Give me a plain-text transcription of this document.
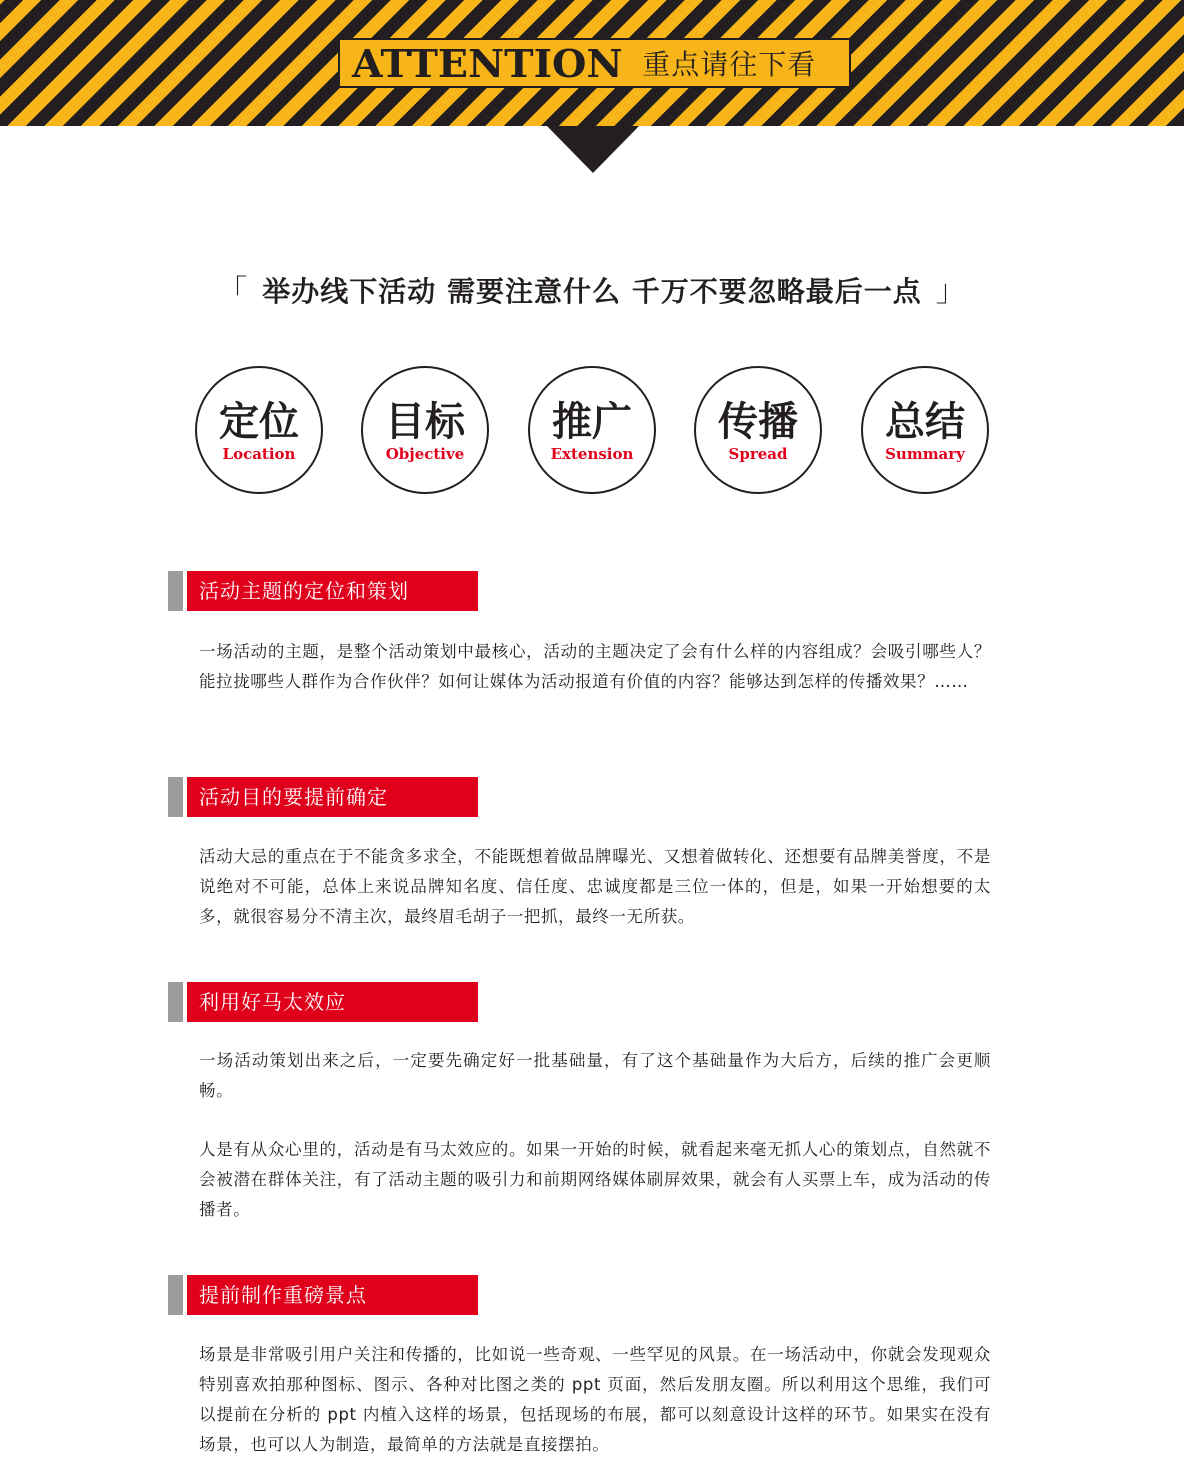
ATTENTION 重点请往下看
「 举办线下活动 需要注意什么 千万不要忽略最后一点 」
定位
Location
目标
Objective
推广
Extension
传播
Spread
总结
Summary
活动主题的定位和策划
一场活动的主题，是整个活动策划中最核心，活动的主题决定了会有什么样的内容组成？会吸引哪些人？能拉拢哪些人群作为合作伙伴？如何让媒体为活动报道有价值的内容？能够达到怎样的传播效果？……
活动目的要提前确定
活动大忌的重点在于不能贪多求全，不能既想着做品牌曝光、又想着做转化、还想要有品牌美誉度，不是说绝对不可能，总体上来说品牌知名度、信任度、忠诚度都是三位一体的，但是，如果一开始想要的太多，就很容易分不清主次，最终眉毛胡子一把抓，最终一无所获。
利用好马太效应
一场活动策划出来之后，一定要先确定好一批基础量，有了这个基础量作为大后方，后续的推广会更顺畅。
人是有从众心里的，活动是有马太效应的。如果一开始的时候，就看起来毫无抓人心的策划点，自然就不会被潜在群体关注，有了活动主题的吸引力和前期网络媒体刷屏效果，就会有人买票上车，成为活动的传播者。
提前制作重磅景点
场景是非常吸引用户关注和传播的，比如说一些奇观、一些罕见的风景。在一场活动中，你就会发现观众特别喜欢拍那种图标、图示、各种对比图之类的 ppt 页面，然后发朋友圈。所以利用这个思维，我们可以提前在分析的 ppt 内植入这样的场景，包括现场的布展，都可以刻意设计这样的环节。如果实在没有场景，也可以人为制造，最简单的方法就是直接摆拍。
